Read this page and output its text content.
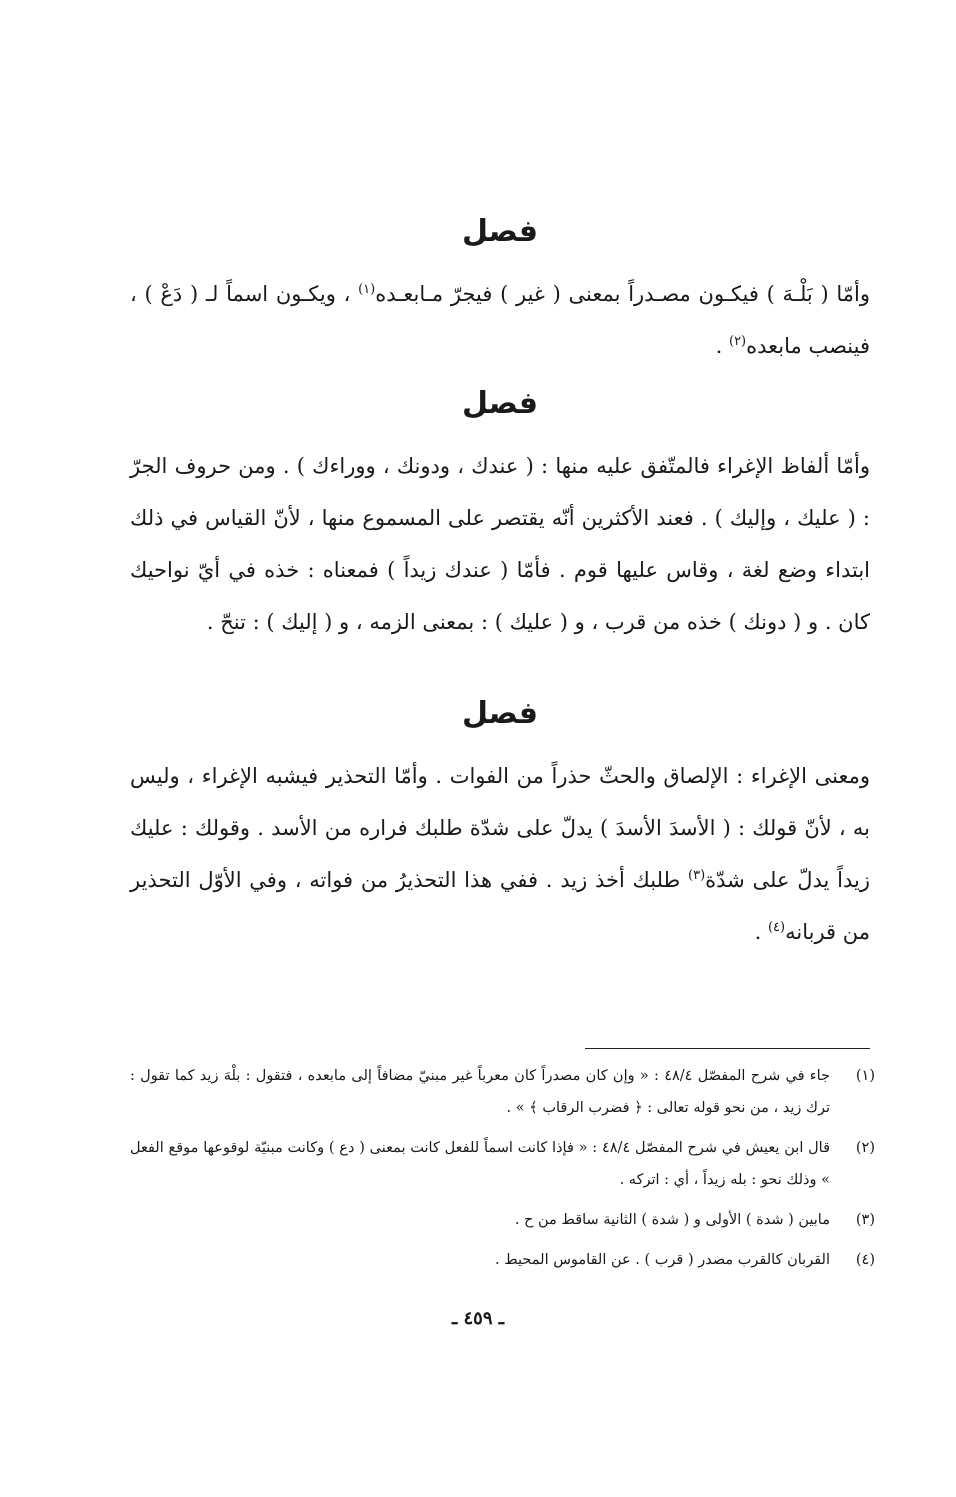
فصل

وأمّا ( بَلْـهَ ) فيكـون مصـدراً بمعنى ( غير ) فيجرّ مـابعـده$^{(١)}$ ، ويكـون اسماً لـ ( دَعْ ) ، فينصب مابعده$^{(٢)}$ .

فصل

وأمّا ألفاظ الإغراء فالمتّفق عليه منها : ( عندك ، ودونك ، ووراءك ) . ومن حروف الجرّ : ( عليك ، وإليك ) . فعند الأكثرين أنّه يقتصر على المسموع منها ، لأنّ القياس في ذلك ابتداء وضع لغة ، وقاس عليها قوم . فأمّا ( عندك زيداً ) فمعناه : خذه في أيّ نواحيك كان . و ( دونك ) خذه من قرب ، و ( عليك ) : بمعنى الزمه ، و ( إليك ) : تنحّ .

فصل

ومعنى الإغراء : الإلصاق والحثّ حذراً من الفوات . وأمّا التحذير فيشبه الإغراء ، وليس به ، لأنّ قولك : ( الأسدَ الأسدَ ) يدلّ على شدّة طلبك فراره من الأسد . وقولك : عليك زيداً يدلّ على شدّة$^{(٣)}$ طلبك أخذ زيد . ففي هذا التحذيرُ من فواته ، وفي الأوّل التحذير من قربانه$^{(٤)}$ .

(١)

جاء في شرح المفصّل ٤٨/٤ : « وإن كان مصدراً كان معرباً غير مبنيّ مضافاً إلى مابعده ، فتقول : بلْهَ زيد كما تقول : ترك زيد ، من نحو قوله تعالى : ﴿ فضرب الرقاب ﴾ » .

(٢)

قال ابن يعيش في شرح المفصّل ٤٨/٤ : « فإذا كانت اسماً للفعل كانت بمعنى ( دع ) وكانت مبنيّة لوقوعها موقع الفعل » وذلك نحو : بله زيداً ، أي : اتركه .

(٣)

مابين ( شدة ) الأولى و ( شدة ) الثانية ساقط من ح .

(٤)

القربان كالقرب مصدر ( قرب ) . عن القاموس المحيط .

ـ ٤٥٩ ـ
